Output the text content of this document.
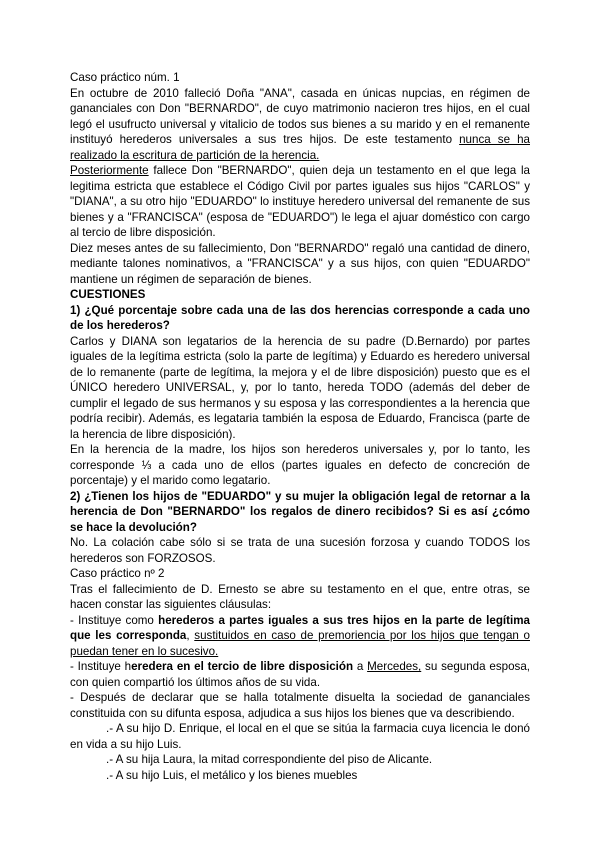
Caso práctico núm. 1

En octubre de 2010 falleció Doña "ANA", casada en únicas nupcias, en régimen de gananciales con Don "BERNARDO", de cuyo matrimonio nacieron tres hijos, en el cual legó el usufructo universal y vitalicio de todos sus bienes a su marido y en el remanente instituyó herederos universales a sus tres hijos. De este testamento nunca se ha realizado la escritura de partición de la herencia.

Posteriormente fallece Don "BERNARDO", quien deja un testamento en el que lega la legitima estricta que establece el Código Civil por partes iguales sus hijos "CARLOS" y "DIANA", a su otro hijo "EDUARDO" lo instituye heredero universal del remanente de sus bienes y a "FRANCISCA" (esposa de "EDUARDO") le lega el ajuar doméstico con cargo al tercio de libre disposición.

Diez meses antes de su fallecimiento, Don "BERNARDO" regaló una cantidad de dinero, mediante talones nominativos, a "FRANCISCA" y a sus hijos, con quien "EDUARDO" mantiene un régimen de separación de bienes.

CUESTIONES

1) ¿Qué porcentaje sobre cada una de las dos herencias corresponde a cada uno de los herederos?

Carlos y DIANA son legatarios de la herencia de su padre (D.Bernardo) por partes iguales de la legítima estricta (solo la parte de legítima) y Eduardo es heredero universal de lo remanente (parte de legítima, la mejora y el de libre disposición) puesto que es el ÚNICO heredero UNIVERSAL, y, por lo tanto, hereda TODO (además del deber de cumplir el legado de sus hermanos y su esposa y las correspondientes a la herencia que podría recibir). Además, es legataria también la esposa de Eduardo, Francisca (parte de la herencia de libre disposición).

En la herencia de la madre, los hijos son herederos universales y, por lo tanto, les corresponde ⅓ a cada uno de ellos (partes iguales en defecto de concreción de porcentaje) y el marido como legatario.

2) ¿Tienen los hijos de "EDUARDO" y su mujer la obligación legal de retornar a la herencia de Don "BERNARDO" los regalos de dinero recibidos? Si es así ¿cómo se hace la devolución?

No. La colación cabe sólo si se trata de una sucesión forzosa y cuando TODOS los herederos son FORZOSOS.

Caso práctico nº 2

Tras el fallecimiento de D. Ernesto se abre su testamento en el que, entre otras, se hacen constar las siguientes cláusulas:

- Instituye como herederos a partes iguales a sus tres hijos en la parte de legítima que les corresponda, sustituidos en caso de premoriencia por los hijos que tengan o puedan tener en lo sucesivo.

- Instituye heredera en el tercio de libre disposición a Mercedes, su segunda esposa, con quien compartió los últimos años de su vida.

- Después de declarar que se halla totalmente disuelta la sociedad de gananciales constituida con su difunta esposa, adjudica a sus hijos los bienes que va describiendo.

.- A su hijo D. Enrique, el local en el que se sitúa la farmacia cuya licencia le donó en vida a su hijo Luis.

.- A su hija Laura, la mitad correspondiente del piso de Alicante.

.- A su hijo Luis, el metálico y los bienes muebles
